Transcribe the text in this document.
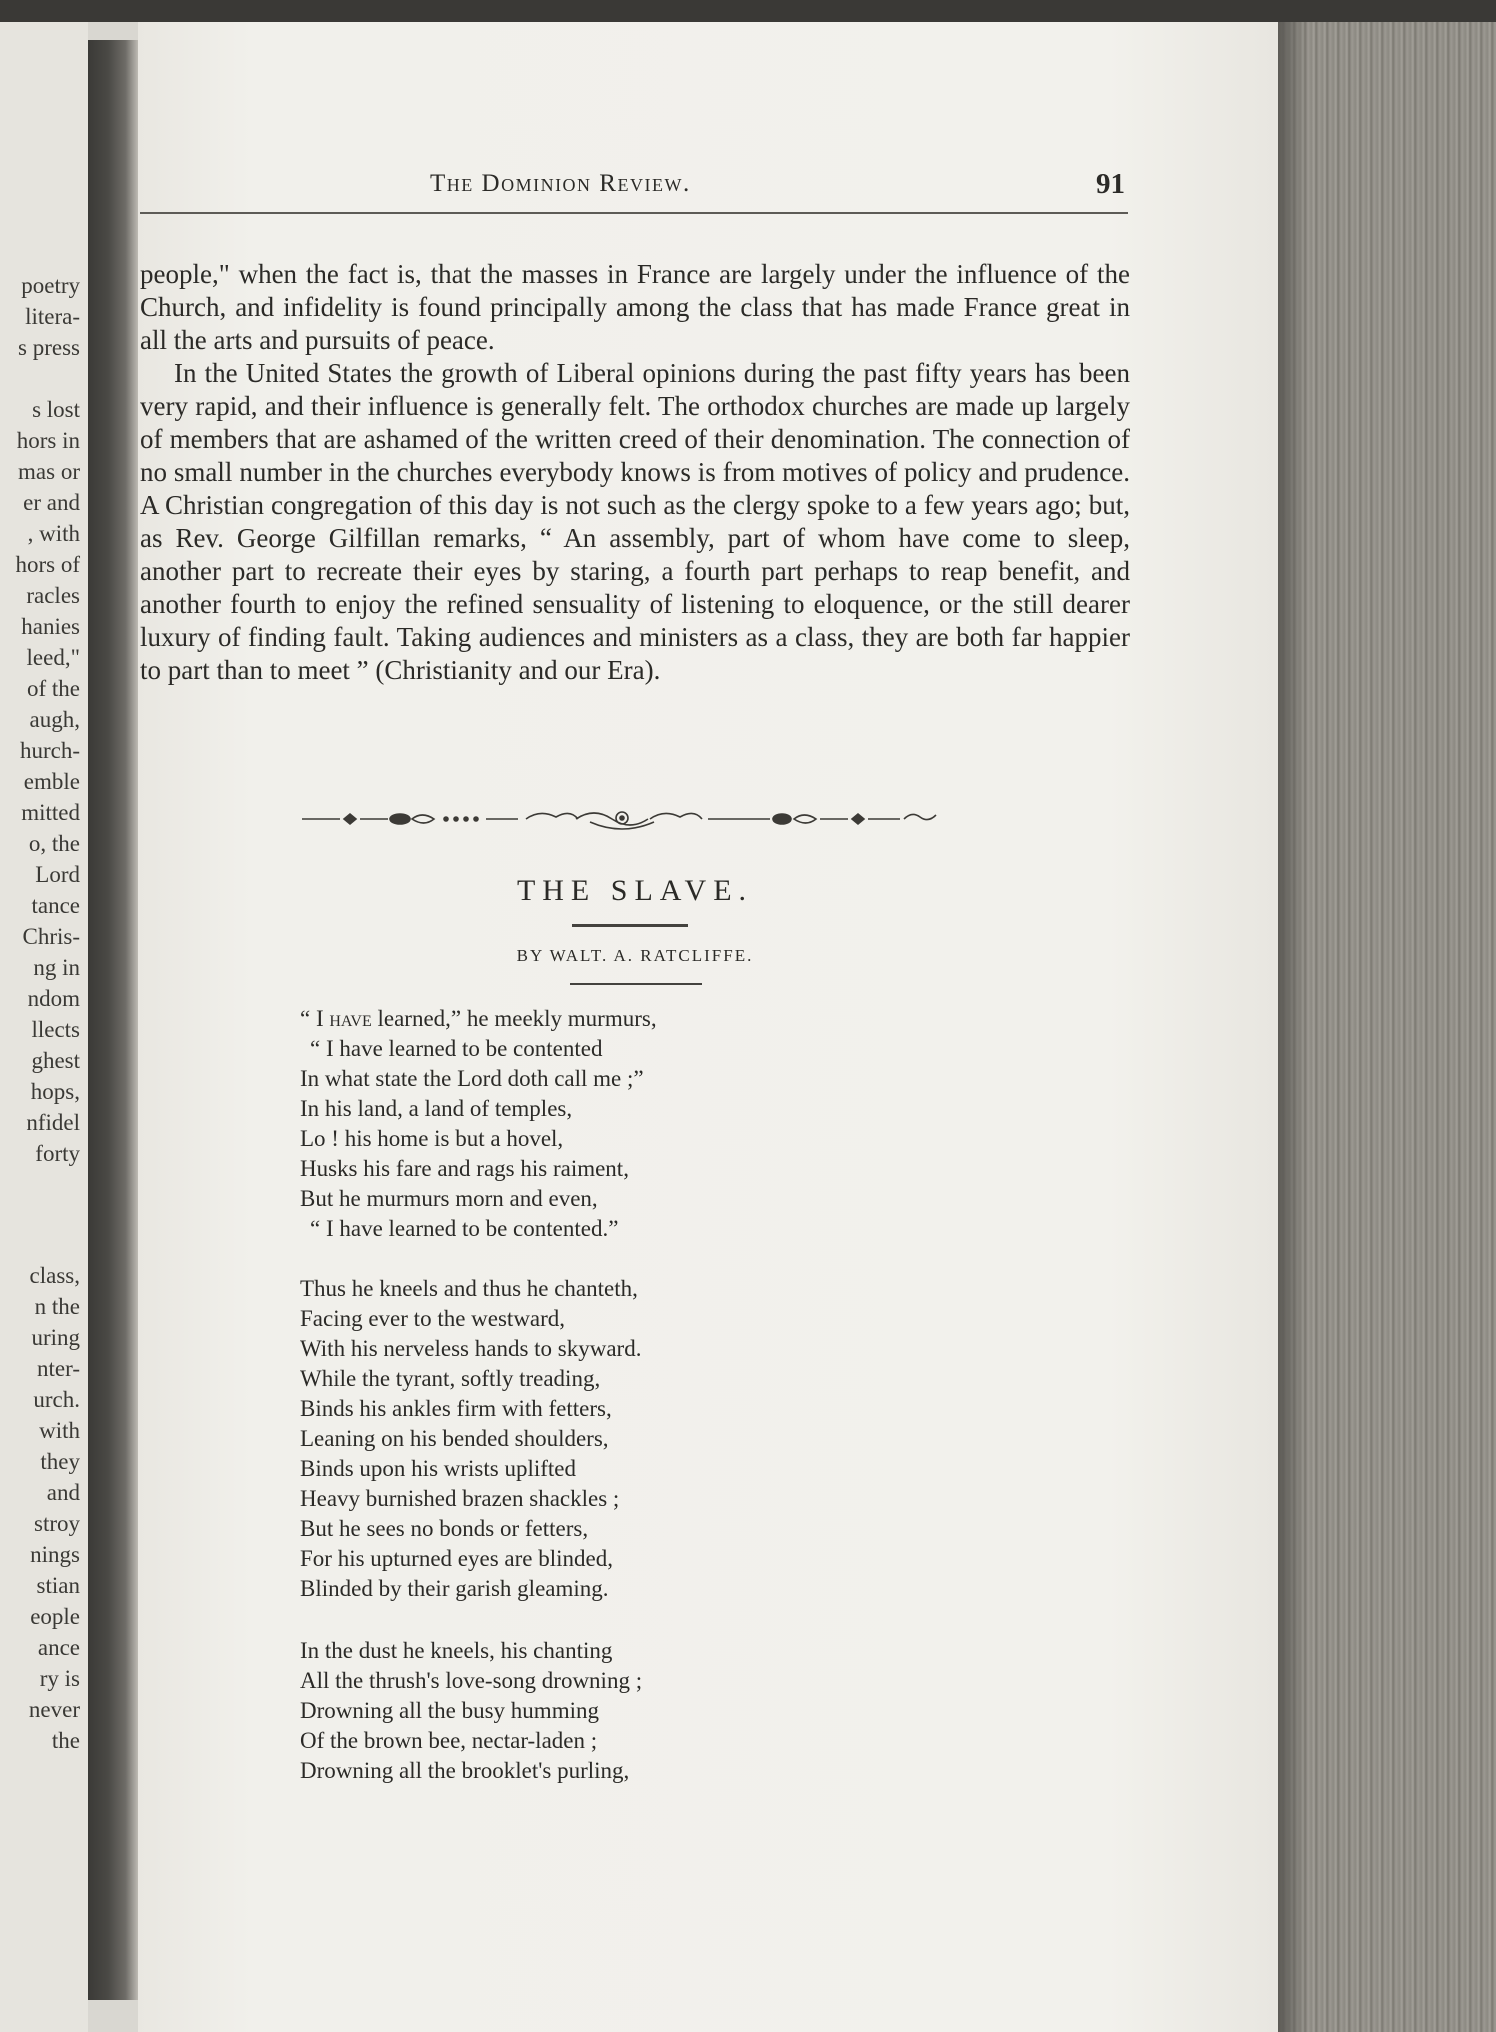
poetry
litera-
s press
s lost
hors in
mas or
er and
, with
hors of
racles
hanies
leed,"
of the
augh,
hurch-
emble
mitted
o, the
Lord
tance
Chris-
ng in
ndom
llects
ghest
hops,
nfidel
forty
class,
n the
uring
nter-
urch.
with
they
and
stroy
nings
stian
eople
ance
ry is
never
the
The Dominion Review.	91

people," when the fact is, that the masses in France are largely under the influence of the Church, and infidelity is found principally among the class that has made France great in all the arts and pursuits of peace.

In the United States the growth of Liberal opinions during the past fifty years has been very rapid, and their influence is generally felt. The orthodox churches are made up largely of members that are ashamed of the written creed of their denomination. The connection of no small number in the churches everybody knows is from motives of policy and prudence. A Christian congregation of this day is not such as the clergy spoke to a few years ago; but, as Rev. George Gilfillan remarks, “ An assembly, part of whom have come to sleep, another part to recreate their eyes by staring, a fourth part perhaps to reap benefit, and another fourth to enjoy the refined sensuality of listening to eloquence, or the still dearer luxury of finding fault. Taking audiences and ministers as a class, they are both far happier to part than to meet ” (Christianity and our Era).

THE SLAVE.
BY WALT. A. RATCLIFFE.
“ I have learned,” he meekly murmurs,
“ I have learned to be contented
In what state the Lord doth call me ;”
In his land, a land of temples,
Lo ! his home is but a hovel,
Husks his fare and rags his raiment,
But he murmurs morn and even,
“ I have learned to be contented.”
Thus he kneels and thus he chanteth,
Facing ever to the westward,
With his nerveless hands to skyward.
While the tyrant, softly treading,
Binds his ankles firm with fetters,
Leaning on his bended shoulders,
Binds upon his wrists uplifted
Heavy burnished brazen shackles ;
But he sees no bonds or fetters,
For his upturned eyes are blinded,
Blinded by their garish gleaming.
In the dust he kneels, his chanting
All the thrush's love-song drowning ;
Drowning all the busy humming
Of the brown bee, nectar-laden ;
Drowning all the brooklet's purling,
